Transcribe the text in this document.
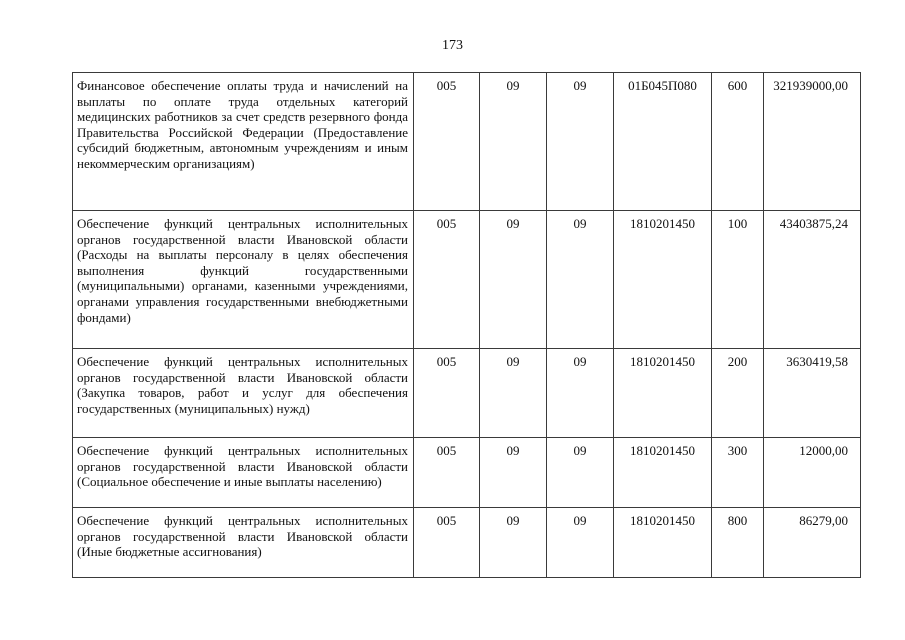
173
Финансовое обеспечение оплаты труда и начислений на выплаты по оплате труда отдельных категорий медицинских работников за счет средств резервного фонда Правительства Российской Федерации (Предоставление субсидий бюджетным, автономным учреждениям и иным некоммерческим организациям)	005	09	09	01Б045П080	600	321939000,00
Обеспечение функций центральных исполнительных органов государственной власти Ивановской области (Расходы на выплаты персоналу в целях обеспечения выполнения функций государственными (муниципальными) органами, казенными учреждениями, органами управления государственными внебюджетными фондами)	005	09	09	1810201450	100	43403875,24
Обеспечение функций центральных исполнительных органов государственной власти Ивановской области (Закупка товаров, работ и услуг для обеспечения государственных (муниципальных) нужд)	005	09	09	1810201450	200	3630419,58
Обеспечение функций центральных исполнительных органов государственной власти Ивановской области (Социальное обеспечение и иные выплаты населению)	005	09	09	1810201450	300	12000,00
Обеспечение функций центральных исполнительных органов государственной власти Ивановской области (Иные бюджетные ассигнования)	005	09	09	1810201450	800	86279,00
